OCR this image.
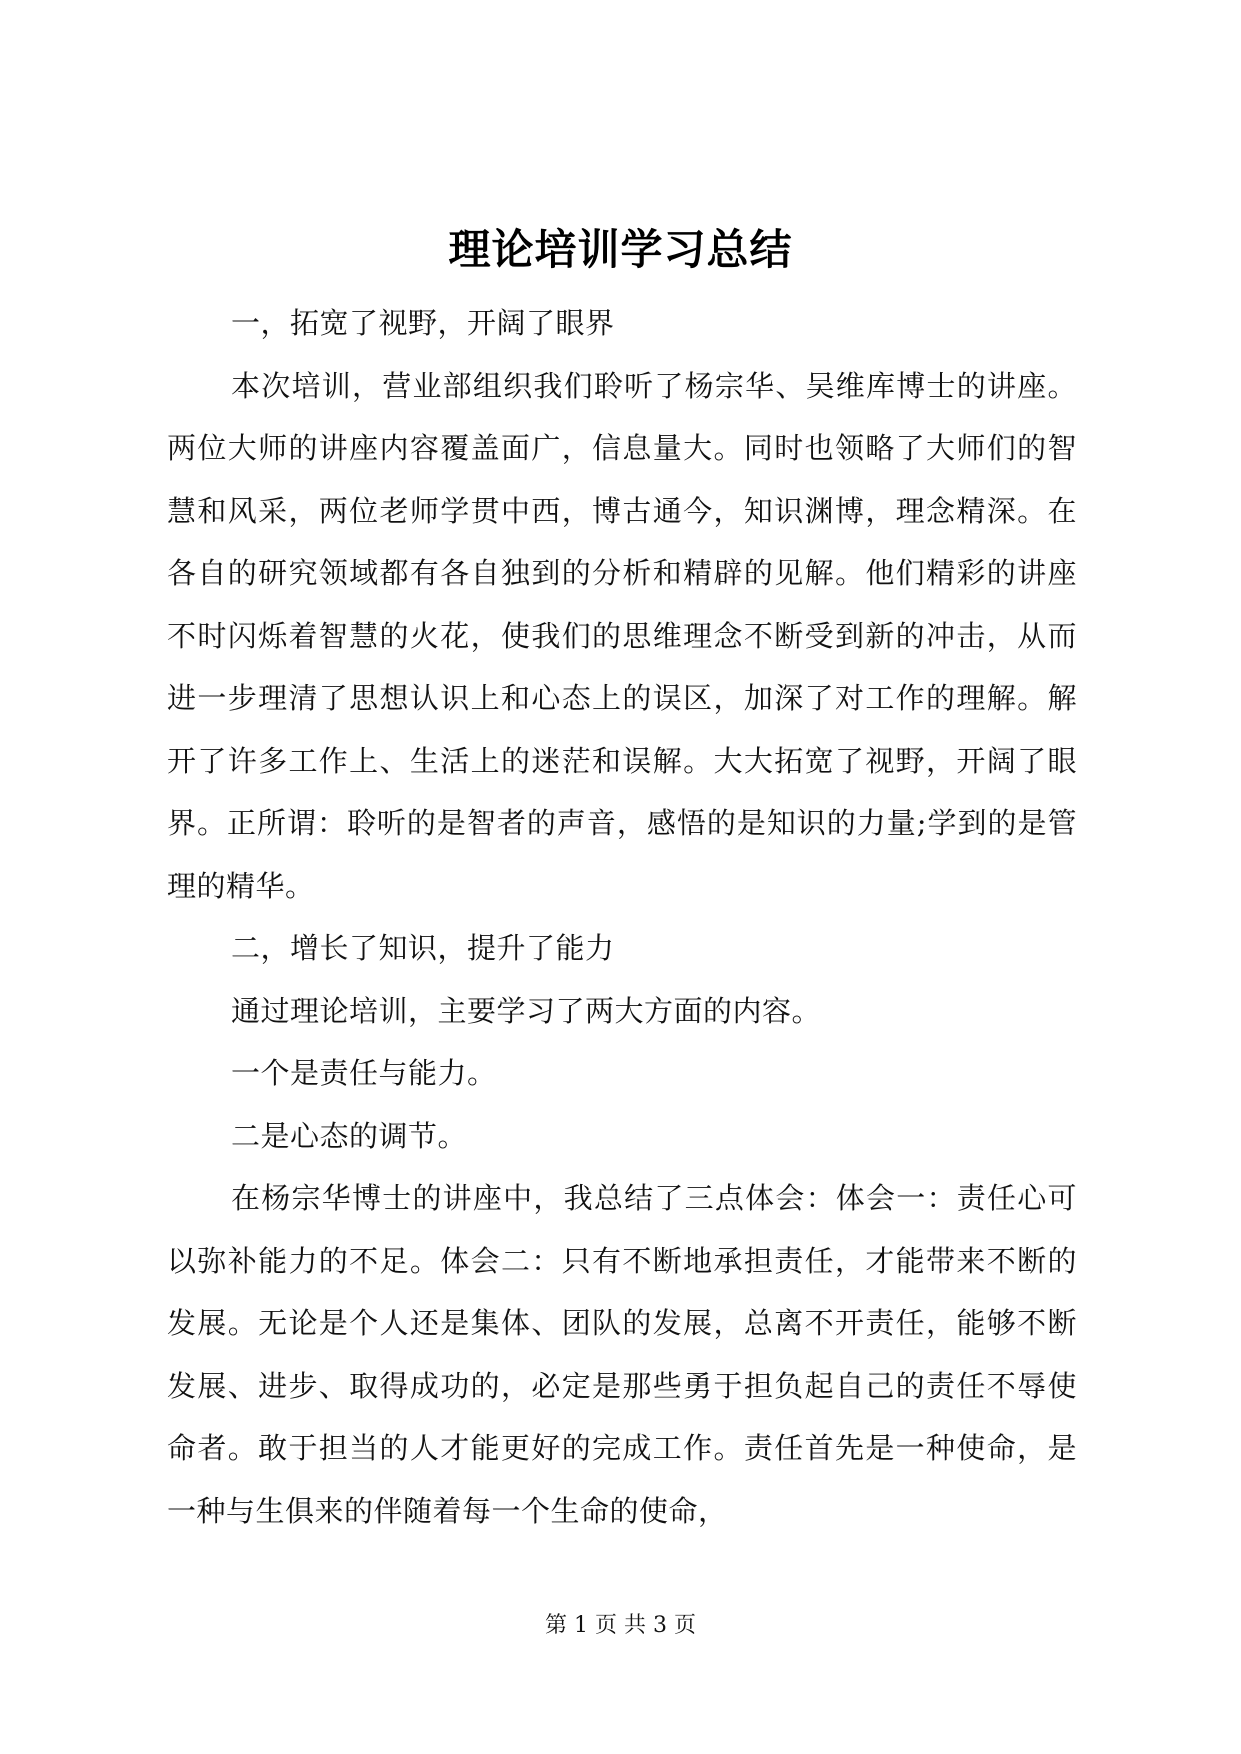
理论培训学习总结

一，拓宽了视野，开阔了眼界

本次培训，营业部组织我们聆听了杨宗华、吴维库博士的讲座。两位大师的讲座内容覆盖面广，信息量大。同时也领略了大师们的智慧和风采，两位老师学贯中西，博古通今，知识渊博，理念精深。在各自的研究领域都有各自独到的分析和精辟的见解。他们精彩的讲座不时闪烁着智慧的火花，使我们的思维理念不断受到新的冲击，从而进一步理清了思想认识上和心态上的误区，加深了对工作的理解。解开了许多工作上、生活上的迷茫和误解。大大拓宽了视野，开阔了眼界。正所谓：聆听的是智者的声音，感悟的是知识的力量;学到的是管理的精华。

二，增长了知识，提升了能力

通过理论培训，主要学习了两大方面的内容。

一个是责任与能力。

二是心态的调节。

在杨宗华博士的讲座中，我总结了三点体会：体会一：责任心可以弥补能力的不足。体会二：只有不断地承担责任，才能带来不断的发展。无论是个人还是集体、团队的发展，总离不开责任，能够不断发展、进步、取得成功的，必定是那些勇于担负起自己的责任不辱使命者。敢于担当的人才能更好的完成工作。责任首先是一种使命，是一种与生俱来的伴随着每一个生命的使命，

第 1 页 共 3 页
